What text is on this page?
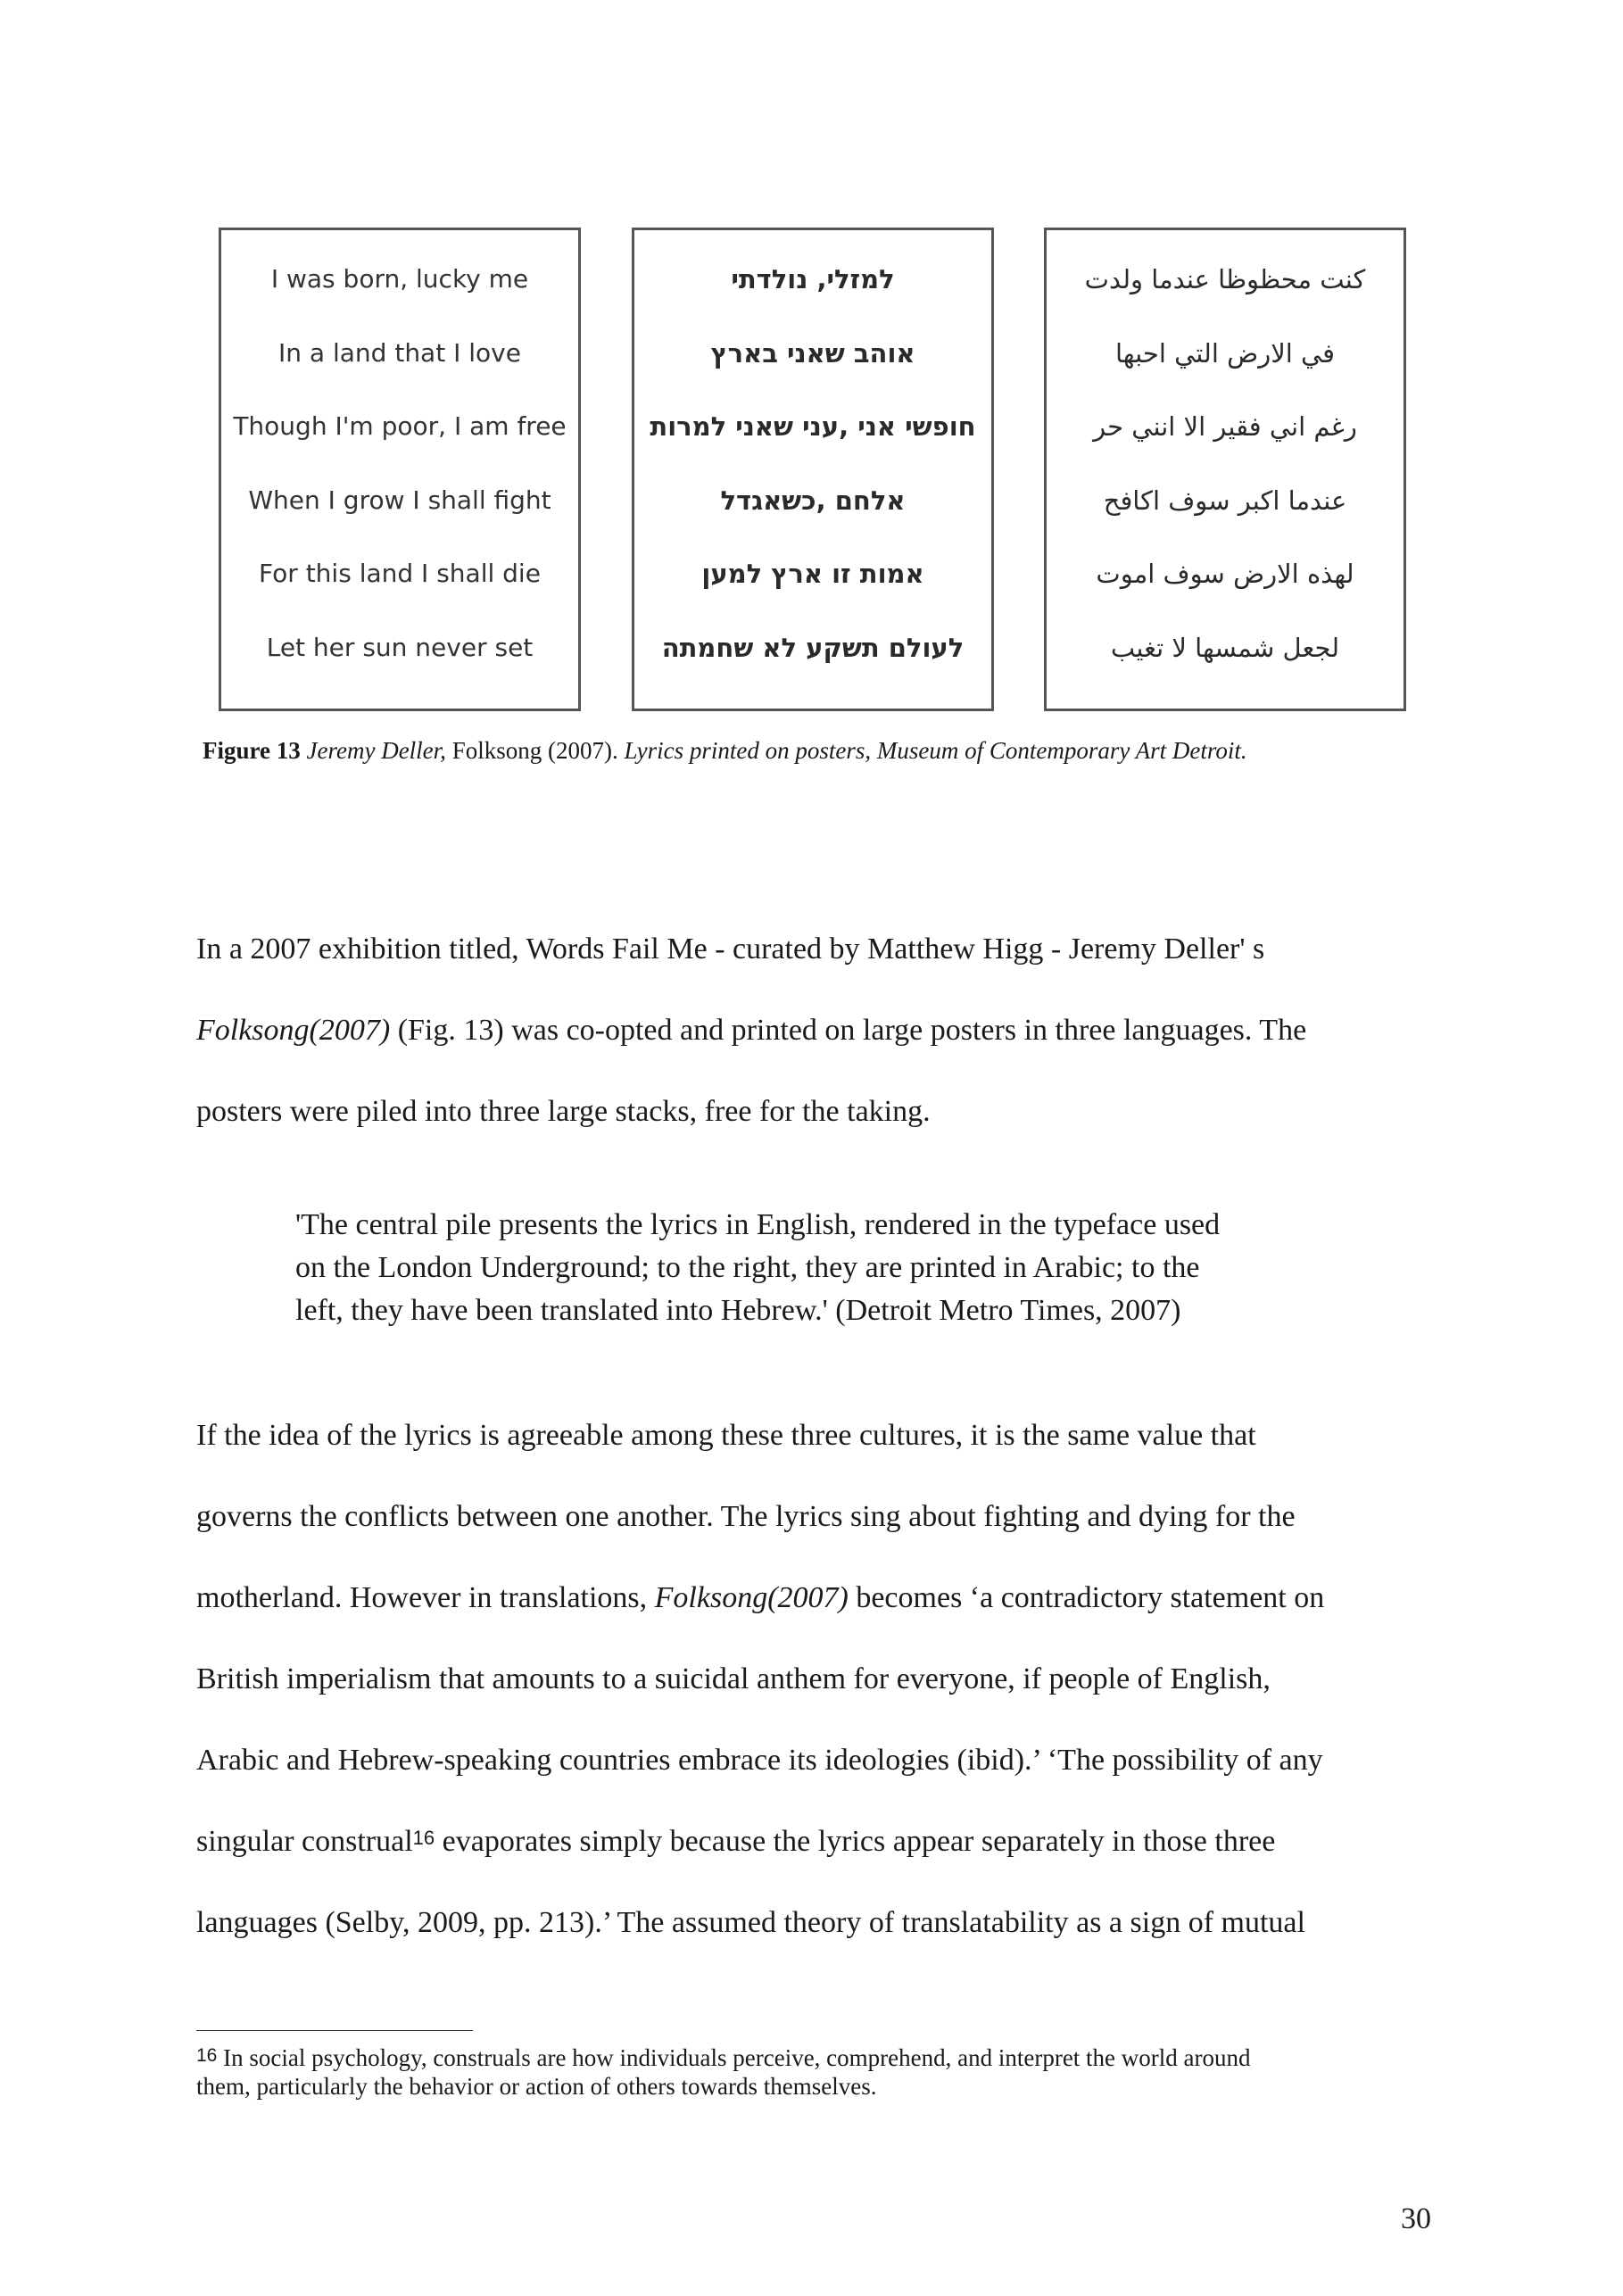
I was born, lucky me
In a land that I love
Though I'm poor, I am free
When I grow I shall fight
For this land I shall die
Let her sun never set
למזלי, נולדתי
אוהב שאני בארץ
חופשי אני ,עני שאני למרות
אלחם ,כשאגדל
אמות זו ארץ למען
לעולם תשקע לא שחמתה
كنت محظوظا عندما ولدت
في الارض التي احبها
رغم اني فقير الا انني حر
عندما اكبر سوف اكافح
لهذه الارض سوف اموت
لجعل شمسها لا تغيب
Figure 13 Jeremy Deller, Folksong (2007). Lyrics printed on posters, Museum of Contemporary Art Detroit.
In a 2007 exhibition titled, Words Fail Me - curated by Matthew Higg - Jeremy Deller' s
Folksong(2007) (Fig. 13) was co-opted and printed on large posters in three languages. The
posters were piled into three large stacks, free for the taking.
'The central pile presents the lyrics in English, rendered in the typeface used
on the London Underground; to the right, they are printed in Arabic; to the
left, they have been translated into Hebrew.' (Detroit Metro Times, 2007)
If the idea of the lyrics is agreeable among these three cultures, it is the same value that
governs the conflicts between one another. The lyrics sing about fighting and dying for the
motherland. However in translations, Folksong(2007) becomes ‘a contradictory statement on
British imperialism that amounts to a suicidal anthem for everyone, if people of English,
Arabic and Hebrew-speaking countries embrace its ideologies (ibid).’ ‘The possibility of any
singular construal$^{16}$ evaporates simply because the lyrics appear separately in those three
languages (Selby, 2009, pp. 213).’ The assumed theory of translatability as a sign of mutual
$^{16}$ In social psychology, construals are how individuals perceive, comprehend, and interpret the world around
them, particularly the behavior or action of others towards themselves.
30
